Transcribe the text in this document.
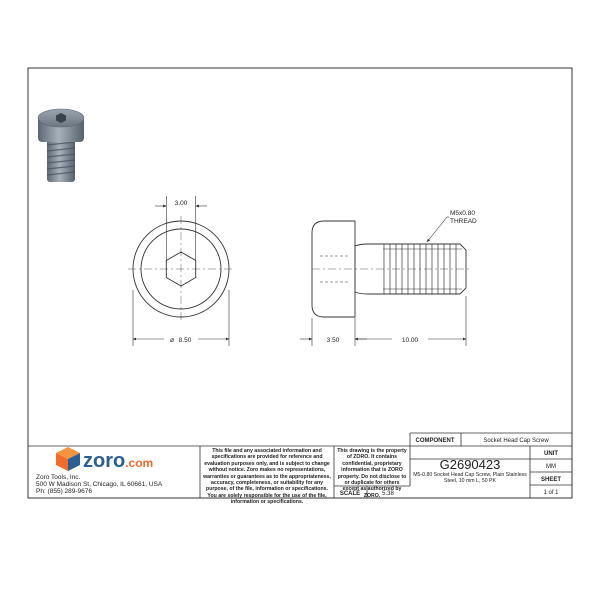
3.00
⌀ 8.50
M5x0.80
THREAD
3.50	10.00
zoro.com
Zoro Tools, Inc.
500 W Madison St, Chicago, IL 60661, USA
Ph: (855) 289-9676
COMPONENT	Socket Head Cap Screw
G2690423
UNIT
MM
SHEET
1 of 1
SCALE	5.38
This file and any associated information and specifications are provided for reference and evaluation purposes only, and is subject to change without notice. Zoro makes no representations, warranties or guarantees as to the appropriateness, accuracy, completeness, or suitability for any purpose, of the file, information or specifications. You are solely responsible for the use of the file, information or specifications.
This drawing is the property of ZORO. It contains confidential, proprietary information that is ZORO property. Do not disclose to or duplicate for others except as authorized by ZORO.
M5-0.80 Socket Head Cap Screw, Plain Stainless Steel, 10 mm L, 50 PK
